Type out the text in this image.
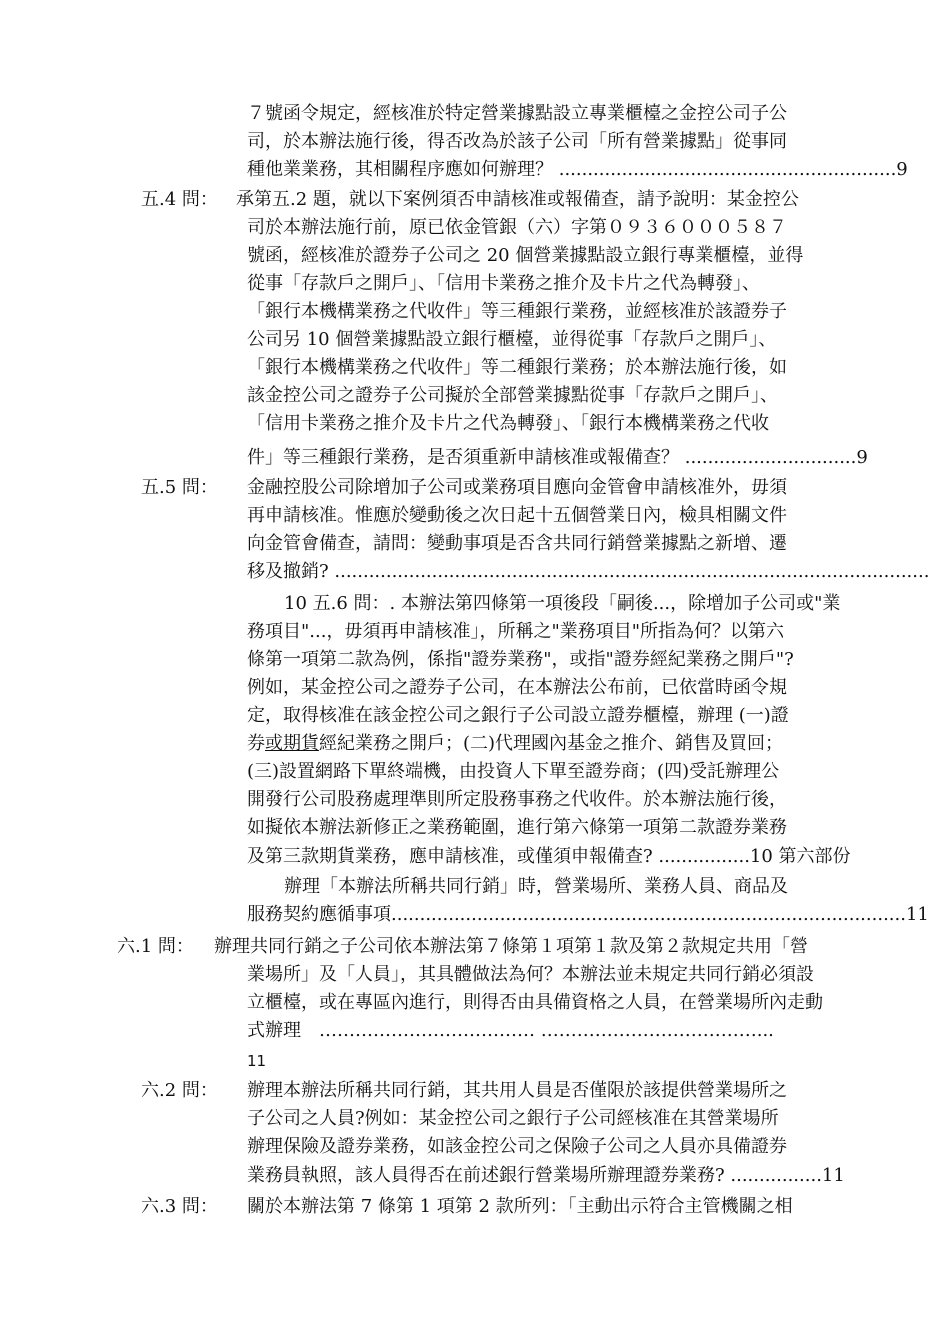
７號函令規定，經核准於特定營業據點設立專業櫃檯之金控公司子公
司，於本辦法施行後，得否改為於該子公司「所有營業據點」從事同
種他業業務，其相關程序應如何辦理？ ...........................................................9
五.4 問： 承第五.2 題，就以下案例須否申請核准或報備查，請予說明：某金控公
司於本辦法施行前，原已依金管銀（六）字第０９３６０００５８７
號函，經核准於證券子公司之 20 個營業據點設立銀行專業櫃檯，並得
從事「存款戶之開戶」、「信用卡業務之推介及卡片之代為轉發」、
「銀行本機構業務之代收件」等三種銀行業務，並經核准於該證券子
公司另 10 個營業據點設立銀行櫃檯，並得從事「存款戶之開戶」、
「銀行本機構業務之代收件」等二種銀行業務；於本辦法施行後，如
該金控公司之證券子公司擬於全部營業據點從事「存款戶之開戶」、
「信用卡業務之推介及卡片之代為轉發」、「銀行本機構業務之代收
件」等三種銀行業務，是否須重新申請核准或報備查？ ..............................9
五.5 問： 金融控股公司除增加子公司或業務項目應向金管會申請核准外，毋須
再申請核准。惟應於變動後之次日起十五個營業日內，檢具相關文件
向金管會備查，請問：變動事項是否含共同行銷營業據點之新增、遷
移及撤銷? ........................................................................................................
10 五.6 問：. 本辦法第四條第一項後段「嗣後...，除增加子公司或"業
務項目"...，毋須再申請核准」，所稱之"業務項目"所指為何？以第六
條第一項第二款為例，係指"證券業務"，或指"證券經紀業務之開戶"?
例如，某金控公司之證券子公司，在本辦法公布前，已依當時函令規
定，取得核准在該金控公司之銀行子公司設立證券櫃檯，辦理 (一)證
券或期貨經紀業務之開戶；(二)代理國內基金之推介、銷售及買回；
(三)設置網路下單終端機，由投資人下單至證券商；(四)受託辦理公
開發行公司股務處理準則所定股務事務之代收件。於本辦法施行後，
如擬依本辦法新修正之業務範圍，進行第六條第一項第二款證券業務
及第三款期貨業務，應申請核准，或僅須申報備查? ................10 第六部份
辦理「本辦法所稱共同行銷」時，營業場所、業務人員、商品及
服務契約應循事項..........................................................................................11
六.1 問： 辦理共同行銷之子公司依本辦法第７條第１項第１款及第２款規定共用「營
業場所」及「人員」，其具體做法為何？本辦法並未規定共同行銷必須設
立櫃檯，或在專區內進行，則得否由具備資格之人員，在營業場所內走動
式辦理　……………………………… ………………………………...
11
六.2 問： 辦理本辦法所稱共同行銷，其共用人員是否僅限於該提供營業場所之
子公司之人員?例如：某金控公司之銀行子公司經核准在其營業場所
辦理保險及證券業務，如該金控公司之保險子公司之人員亦具備證券
業務員執照，該人員得否在前述銀行營業場所辦理證券業務? ................11
六.3 問： 關於本辦法第 7 條第 1 項第 2 款所列：「主動出示符合主管機關之相
